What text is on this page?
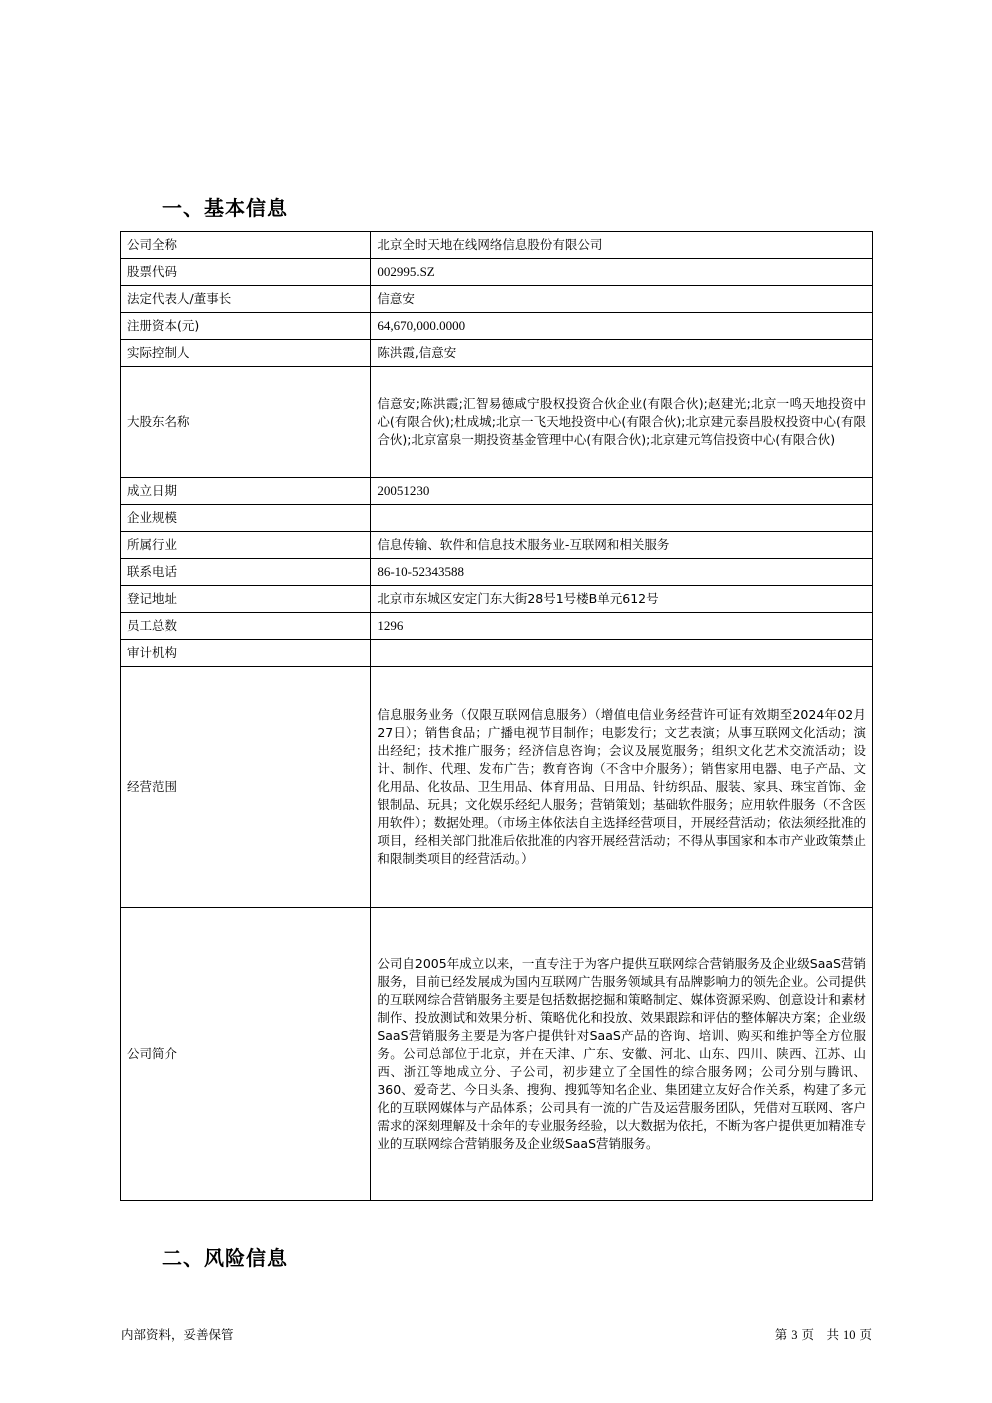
一、基本信息
公司全称	北京全时天地在线网络信息股份有限公司
股票代码	002995.SZ
法定代表人/董事长	信意安
注册资本(元)	64,670,000.0000
实际控制人	陈洪霞,信意安
大股东名称	信意安;陈洪霞;汇智易德咸宁股权投资合伙企业(有限合伙);赵建光;北京一鸣天地投资中心(有限合伙);杜成城;北京一飞天地投资中心(有限合伙);北京建元泰昌股权投资中心(有限合伙);北京富泉一期投资基金管理中心(有限合伙);北京建元笃信投资中心(有限合伙)
成立日期	20051230
企业规模	
所属行业	信息传输、软件和信息技术服务业-互联网和相关服务
联系电话	86-10-52343588
登记地址	北京市东城区安定门东大街28号1号楼B单元612号
员工总数	1296
审计机构	
经营范围	信息服务业务（仅限互联网信息服务）（增值电信业务经营许可证有效期至2024年02月27日）；销售食品；广播电视节目制作；电影发行；文艺表演；从事互联网文化活动；演出经纪；技术推广服务；经济信息咨询；会议及展览服务；组织文化艺术交流活动；设计、制作、代理、发布广告；教育咨询（不含中介服务）；销售家用电器、电子产品、文化用品、化妆品、卫生用品、体育用品、日用品、针纺织品、服装、家具、珠宝首饰、金银制品、玩具；文化娱乐经纪人服务；营销策划；基础软件服务；应用软件服务（不含医用软件）；数据处理。（市场主体依法自主选择经营项目，开展经营活动；依法须经批准的项目，经相关部门批准后依批准的内容开展经营活动；不得从事国家和本市产业政策禁止和限制类项目的经营活动。）
公司简介	公司自2005年成立以来，一直专注于为客户提供互联网综合营销服务及企业级SaaS营销服务，目前已经发展成为国内互联网广告服务领域具有品牌影响力的领先企业。公司提供的互联网综合营销服务主要是包括数据挖掘和策略制定、媒体资源采购、创意设计和素材制作、投放测试和效果分析、策略优化和投放、效果跟踪和评估的整体解决方案；企业级SaaS营销服务主要是为客户提供针对SaaS产品的咨询、培训、购买和维护等全方位服务。公司总部位于北京，并在天津、广东、安徽、河北、山东、四川、陕西、江苏、山西、浙江等地成立分、子公司，初步建立了全国性的综合服务网；公司分别与腾讯、360、爱奇艺、今日头条、搜狗、搜狐等知名企业、集团建立友好合作关系，构建了多元化的互联网媒体与产品体系；公司具有一流的广告及运营服务团队，凭借对互联网、客户需求的深刻理解及十余年的专业服务经验，以大数据为依托，不断为客户提供更加精准专业的互联网综合营销服务及企业级SaaS营销服务。
二、风险信息
内部资料，妥善保管	第 3 页　共 10 页
